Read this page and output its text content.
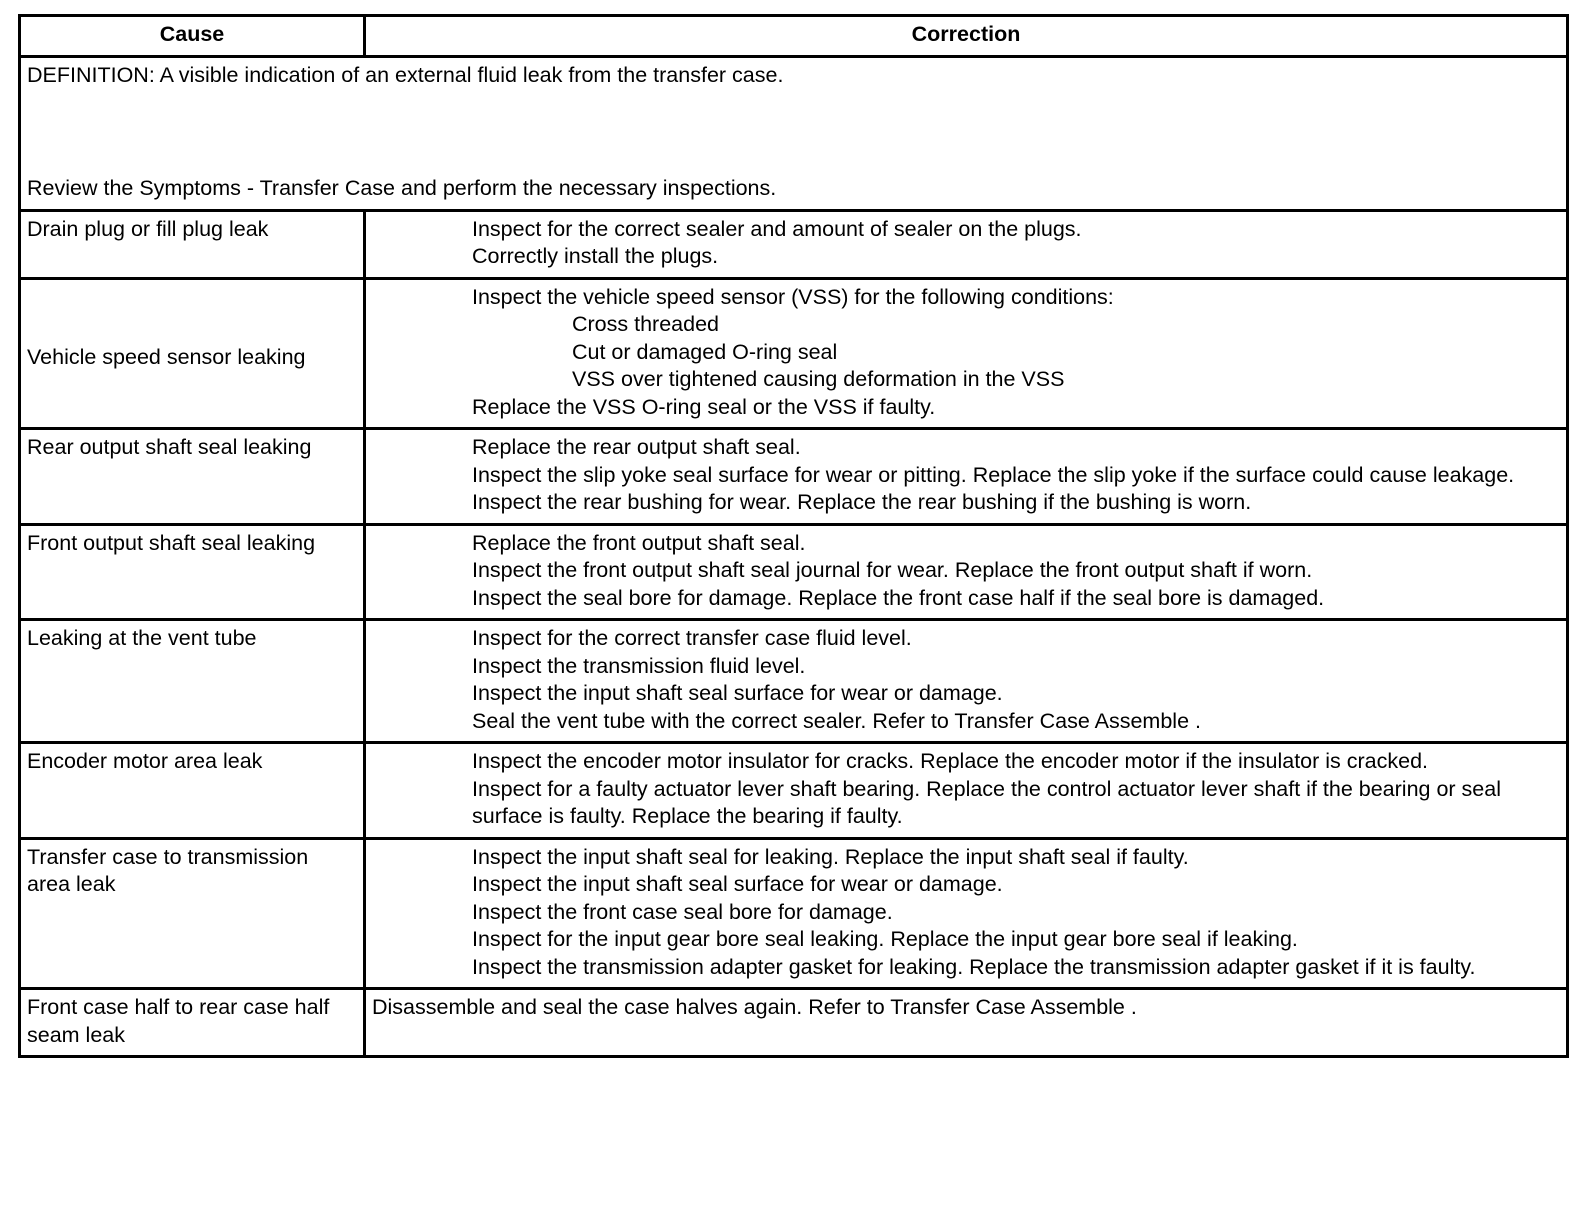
Cause	Correction

DEFINITION: A visible indication of an external fluid leak from the transfer case.
Review the Symptoms - Transfer Case and perform the necessary inspections.	

Drain plug or fill plug leak	Inspect for the correct sealer and amount of sealer on the plugs.
Correctly install the plugs.

Vehicle speed sensor leaking	Inspect the vehicle speed sensor (VSS) for the following conditions:
Cross threaded
Cut or damaged O-ring seal
VSS over tightened causing deformation in the VSS
Replace the VSS O-ring seal or the VSS if faulty.

Rear output shaft seal leaking	Replace the rear output shaft seal.
Inspect the slip yoke seal surface for wear or pitting. Replace the slip yoke if the surface could cause leakage.
Inspect the rear bushing for wear. Replace the rear bushing if the bushing is worn.

Front output shaft seal leaking	Replace the front output shaft seal.
Inspect the front output shaft seal journal for wear. Replace the front output shaft if worn.
Inspect the seal bore for damage. Replace the front case half if the seal bore is damaged.

Leaking at the vent tube	Inspect for the correct transfer case fluid level.
Inspect the transmission fluid level.
Inspect the input shaft seal surface for wear or damage.
Seal the vent tube with the correct sealer. Refer to Transfer Case Assemble .

Encoder motor area leak	Inspect the encoder motor insulator for cracks. Replace the encoder motor if the insulator is cracked.
Inspect for a faulty actuator lever shaft bearing. Replace the control actuator lever shaft if the bearing or seal surface is faulty. Replace the bearing if faulty.

Transfer case to transmission area leak	Inspect the input shaft seal for leaking. Replace the input shaft seal if faulty.
Inspect the input shaft seal surface for wear or damage.
Inspect the front case seal bore for damage.
Inspect for the input gear bore seal leaking. Replace the input gear bore seal if leaking.
Inspect the transmission adapter gasket for leaking. Replace the transmission adapter gasket if it is faulty.

Front case half to rear case half seam leak	Disassemble and seal the case halves again. Refer to Transfer Case Assemble .
